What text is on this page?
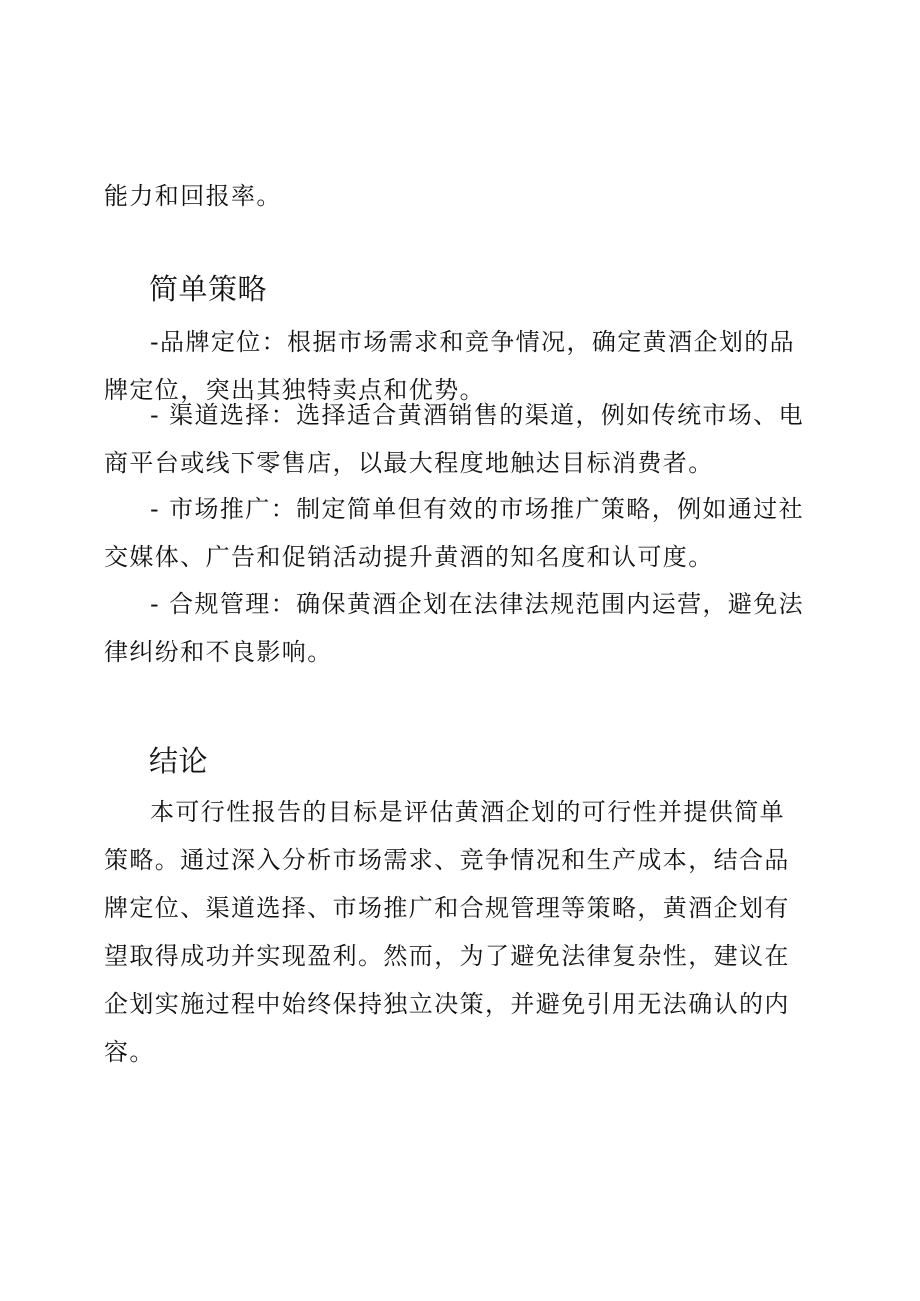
能力和回报率。

简单策略

-品牌定位：根据市场需求和竞争情况，确定黄酒企划的品牌定位，突出其独特卖点和优势。

- 渠道选择：选择适合黄酒销售的渠道，例如传统市场、电商平台或线下零售店，以最大程度地触达目标消费者。

- 市场推广：制定简单但有效的市场推广策略，例如通过社交媒体、广告和促销活动提升黄酒的知名度和认可度。

- 合规管理：确保黄酒企划在法律法规范围内运营，避免法律纠纷和不良影响。

结论

本可行性报告的目标是评估黄酒企划的可行性并提供简单策略。通过深入分析市场需求、竞争情况和生产成本，结合品牌定位、渠道选择、市场推广和合规管理等策略，黄酒企划有望取得成功并实现盈利。然而，为了避免法律复杂性，建议在企划实施过程中始终保持独立决策，并避免引用无法确认的内容。
